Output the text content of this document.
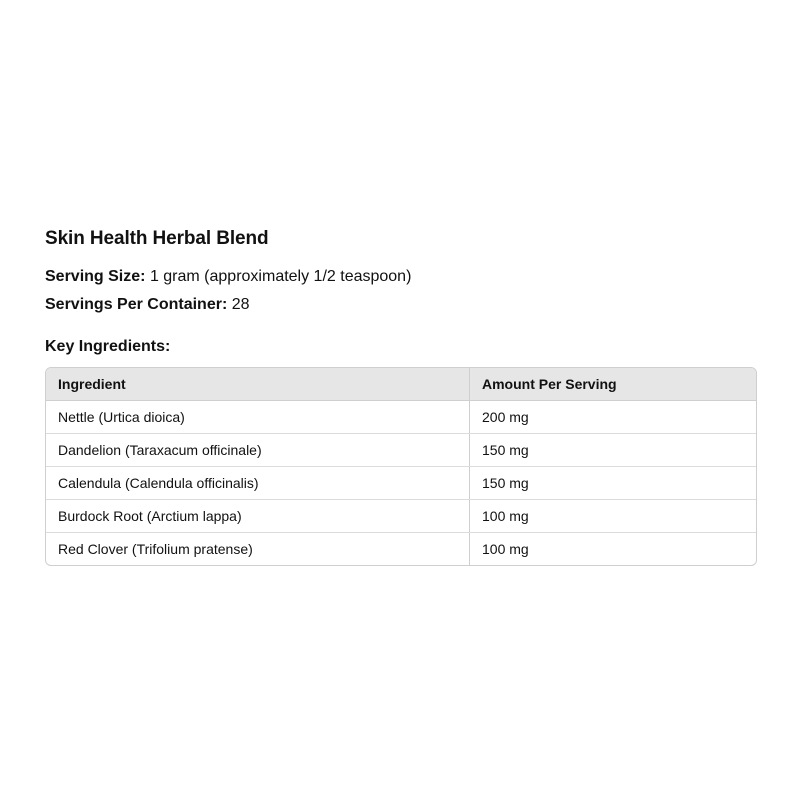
Skin Health Herbal Blend

Serving Size: 1 gram (approximately 1/2 teaspoon)

Servings Per Container: 28

Key Ingredients:

Ingredient	Amount Per Serving
Nettle (Urtica dioica)	200 mg
Dandelion (Taraxacum officinale)	150 mg
Calendula (Calendula officinalis)	150 mg
Burdock Root (Arctium lappa)	100 mg
Red Clover (Trifolium pratense)	100 mg
